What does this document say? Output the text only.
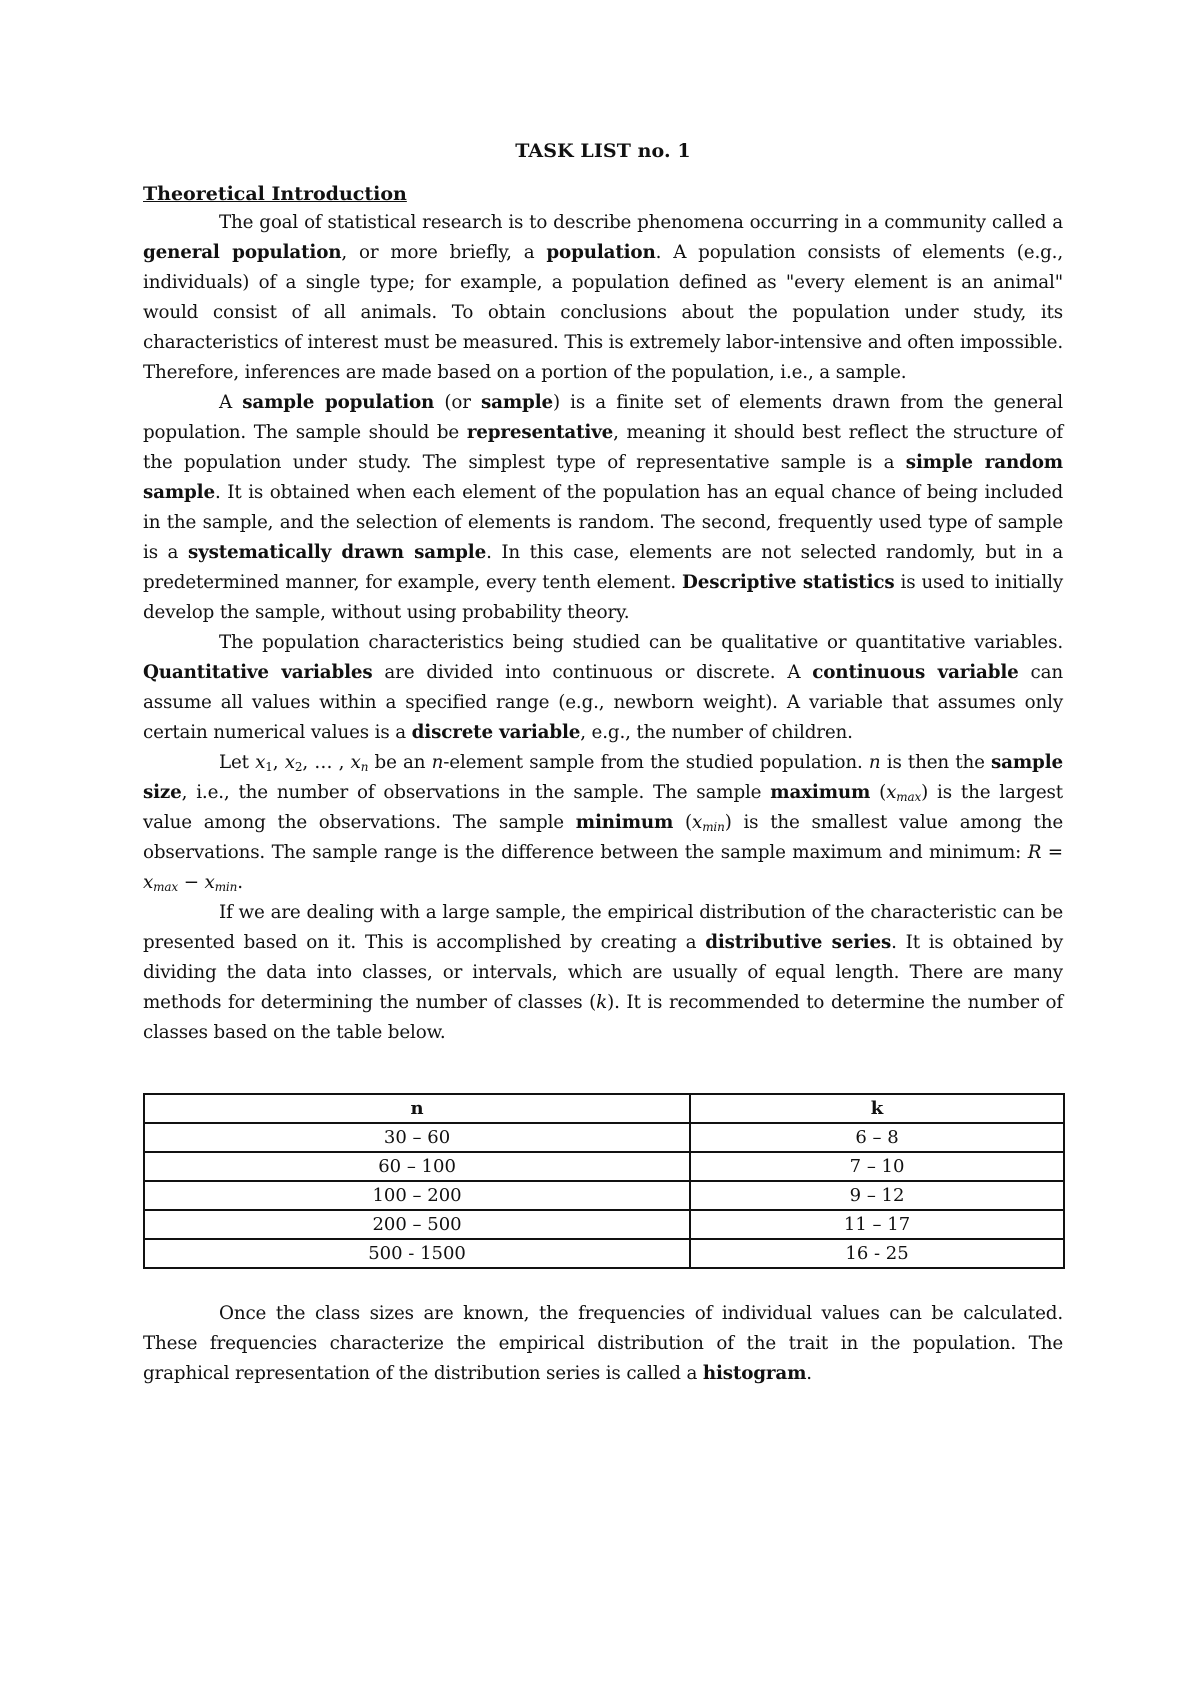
TASK LIST no. 1
Theoretical Introduction

The goal of statistical research is to describe phenomena occurring in a community called a general population, or more briefly, a population. A population consists of elements (e.g., individuals) of a single type; for example, a population defined as "every element is an animal" would consist of all animals. To obtain conclusions about the population under study, its characteristics of interest must be measured. This is extremely labor-intensive and often impossible. Therefore, inferences are made based on a portion of the population, i.e., a sample.

A sample population (or sample) is a finite set of elements drawn from the general population. The sample should be representative, meaning it should best reflect the structure of the population under study. The simplest type of representative sample is a simple random sample. It is obtained when each element of the population has an equal chance of being included in the sample, and the selection of elements is random. The second, frequently used type of sample is a systematically drawn sample. In this case, elements are not selected randomly, but in a predetermined manner, for example, every tenth element. Descriptive statistics is used to initially develop the sample, without using probability theory.

The population characteristics being studied can be qualitative or quantitative variables. Quantitative variables are divided into continuous or discrete. A continuous variable can assume all values within a specified range (e.g., newborn weight). A variable that assumes only certain numerical values is a discrete variable, e.g., the number of children.

Let $x_1$, $x_2$, … , $x_n$ be an n-element sample from the studied population. n is then the sample size, i.e., the number of observations in the sample. The sample maximum $(x_{max})$ is the largest value among the observations. The sample minimum $(x_{min})$ is the smallest value among the observations. The sample range is the difference between the sample maximum and minimum: $R = x_{max} - x_{min}$.

If we are dealing with a large sample, the empirical distribution of the characteristic can be presented based on it. This is accomplished by creating a distributive series. It is obtained by dividing the data into classes, or intervals, which are usually of equal length. There are many methods for determining the number of classes (k). It is recommended to determine the number of classes based on the table below.

n	k
30 – 60	6 – 8
60 – 100	7 – 10
100 – 200	9 – 12
200 – 500	11 – 17
500 - 1500	16 - 25

Once the class sizes are known, the frequencies of individual values can be calculated. These frequencies characterize the empirical distribution of the trait in the population. The graphical representation of the distribution series is called a histogram.
